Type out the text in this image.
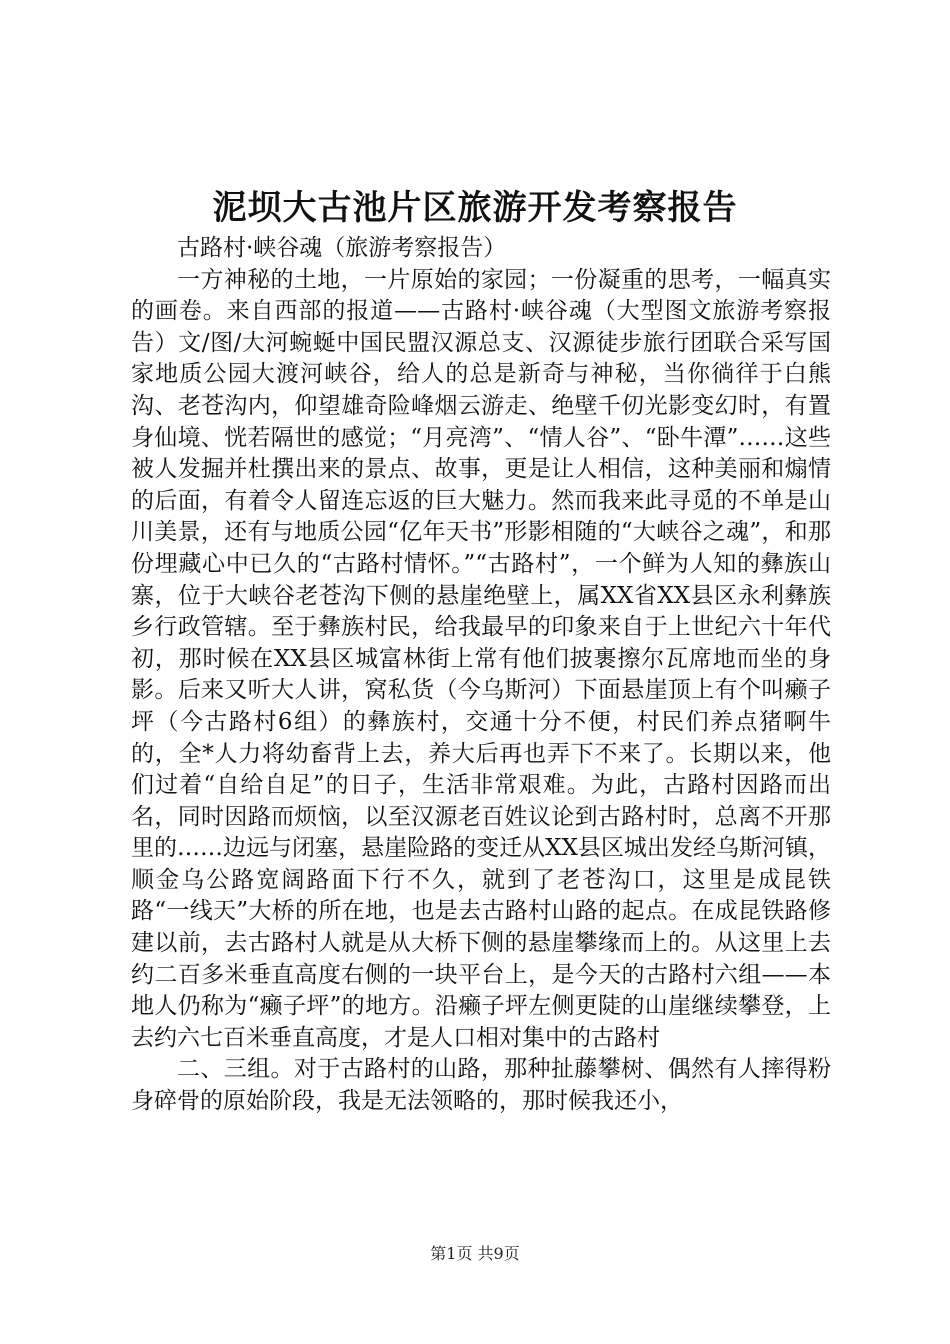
泥坝大古池片区旅游开发考察报告

古路村·峡谷魂（旅游考察报告）

一方神秘的土地，一片原始的家园；一份凝重的思考，一幅真实的画卷。来自西部的报道——古路村·峡谷魂（大型图文旅游考察报告）文/图/大河蜿蜒中国民盟汉源总支、汉源徒步旅行团联合采写国家地质公园大渡河峡谷，给人的总是新奇与神秘，当你徜徉于白熊沟、老苍沟内，仰望雄奇险峰烟云游走、绝壁千仞光影变幻时，有置身仙境、恍若隔世的感觉；“月亮湾”、“情人谷”、“卧牛潭”……这些被人发掘并杜撰出来的景点、故事，更是让人相信，这种美丽和煽情的后面，有着令人留连忘返的巨大魅力。然而我来此寻觅的不单是山川美景，还有与地质公园“亿年天书”形影相随的“大峡谷之魂”，和那份埋藏心中已久的“古路村情怀。”“古路村”，一个鲜为人知的彝族山寨，位于大峡谷老苍沟下侧的悬崖绝壁上，属XX省XX县区永利彝族乡行政管辖。至于彝族村民，给我最早的印象来自于上世纪六十年代初，那时候在XX县区城富林街上常有他们披裹擦尔瓦席地而坐的身影。后来又听大人讲，窝私货（今乌斯河）下面悬崖顶上有个叫癞子坪（今古路村6组）的彝族村，交通十分不便，村民们养点猪啊牛的，全*人力将幼畜背上去，养大后再也弄下不来了。长期以来，他们过着“自给自足”的日子，生活非常艰难。为此，古路村因路而出名，同时因路而烦恼，以至汉源老百姓议论到古路村时，总离不开那里的……边远与闭塞，悬崖险路的变迁从XX县区城出发经乌斯河镇，顺金乌公路宽阔路面下行不久，就到了老苍沟口，这里是成昆铁路“一线天”大桥的所在地，也是去古路村山路的起点。在成昆铁路修建以前，去古路村人就是从大桥下侧的悬崖攀缘而上的。从这里上去约二百多米垂直高度右侧的一块平台上，是今天的古路村六组——本地人仍称为“癞子坪”的地方。沿癞子坪左侧更陡的山崖继续攀登，上去约六七百米垂直高度，才是人口相对集中的古路村

二、三组。对于古路村的山路，那种扯藤攀树、偶然有人摔得粉身碎骨的原始阶段，我是无法领略的，那时候我还小，

第1页 共9页
